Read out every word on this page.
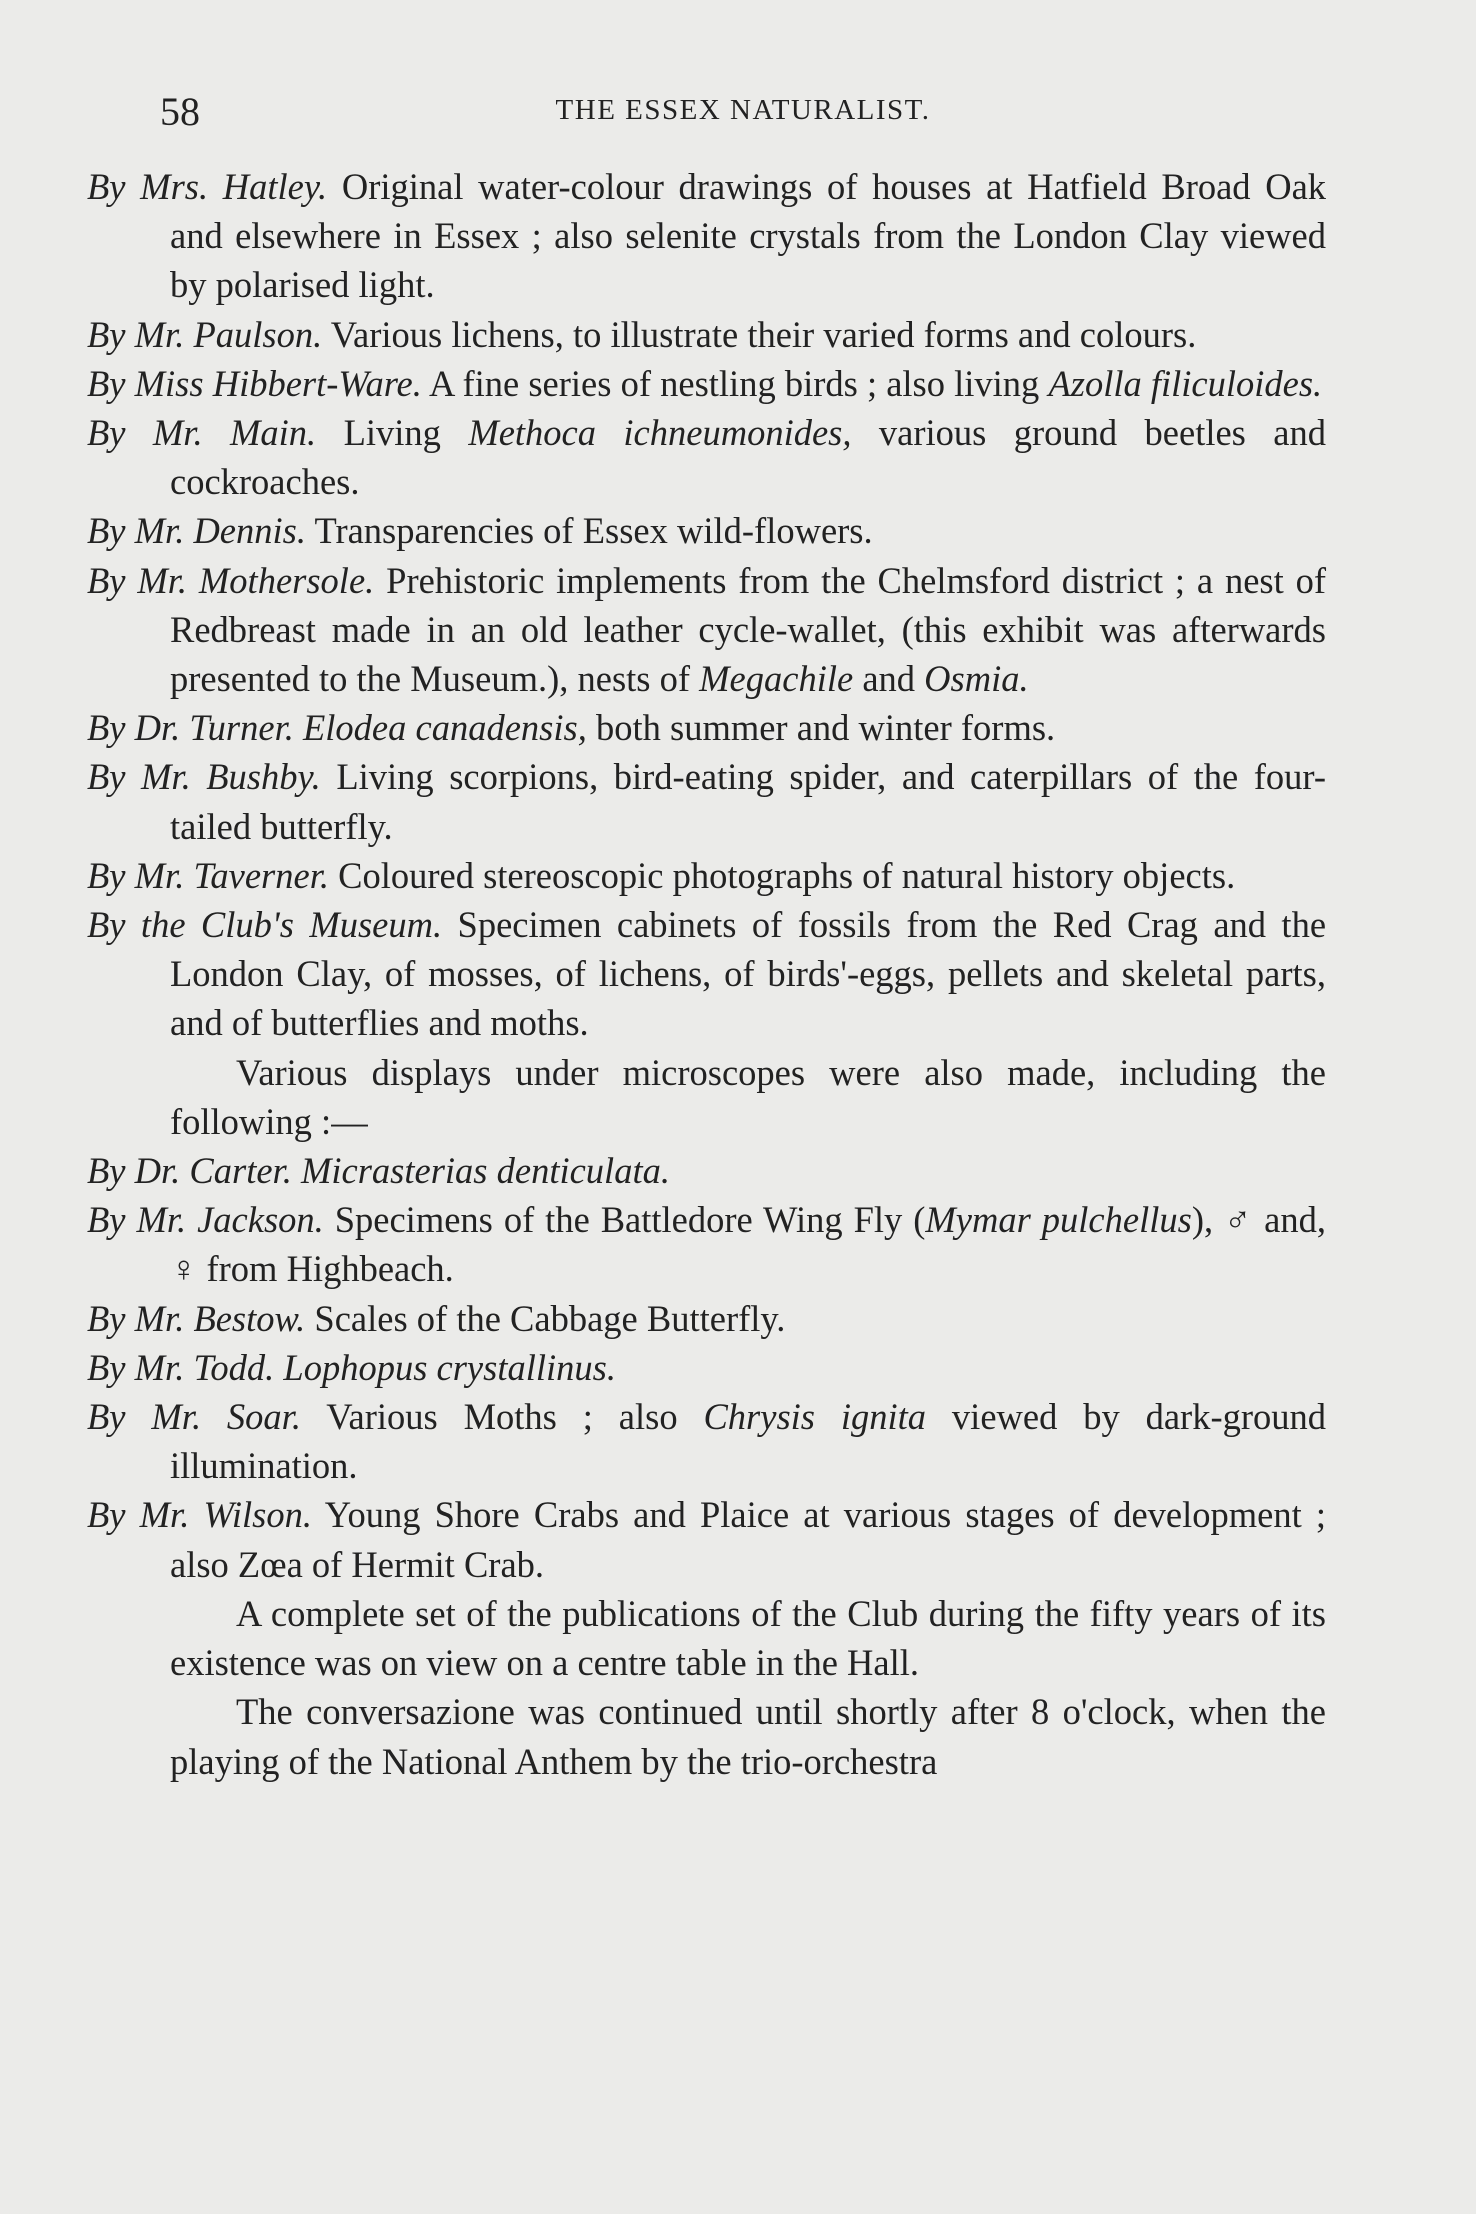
58	THE ESSEX NATURALIST.

By Mrs. Hatley. Original water-colour drawings of houses at Hatfield Broad Oak and elsewhere in Essex ; also selenite crystals from the London Clay viewed by polarised light.

By Mr. Paulson. Various lichens, to illustrate their varied forms and colours.

By Miss Hibbert-Ware. A fine series of nestling birds ; also living Azolla filiculoides.

By Mr. Main. Living Methoca ichneumonides, various ground beetles and cockroaches.

By Mr. Dennis. Transparencies of Essex wild-flowers.

By Mr. Mothersole. Prehistoric implements from the Chelmsford district ; a nest of Redbreast made in an old leather cycle-wallet, (this exhibit was afterwards presented to the Museum.), nests of Megachile and Osmia.

By Dr. Turner. Elodea canadensis, both summer and winter forms.

By Mr. Bushby. Living scorpions, bird-eating spider, and caterpillars of the four-tailed butterfly.

By Mr. Taverner. Coloured stereoscopic photographs of natural history objects.

By the Club's Museum. Specimen cabinets of fossils from the Red Crag and the London Clay, of mosses, of lichens, of birds'-eggs, pellets and skeletal parts, and of butterflies and moths.

Various displays under microscopes were also made, including the following :—

By Dr. Carter. Micrasterias denticulata.

By Mr. Jackson. Specimens of the Battledore Wing Fly (Mymar pulchellus), ♂ and, ♀ from Highbeach.

By Mr. Bestow. Scales of the Cabbage Butterfly.

By Mr. Todd. Lophopus crystallinus.

By Mr. Soar. Various Moths ; also Chrysis ignita viewed by dark-ground illumination.

By Mr. Wilson. Young Shore Crabs and Plaice at various stages of development ; also Zœa of Hermit Crab.

A complete set of the publications of the Club during the fifty years of its existence was on view on a centre table in the Hall.

The conversazione was continued until shortly after 8 o'clock, when the playing of the National Anthem by the trio-orchestra
